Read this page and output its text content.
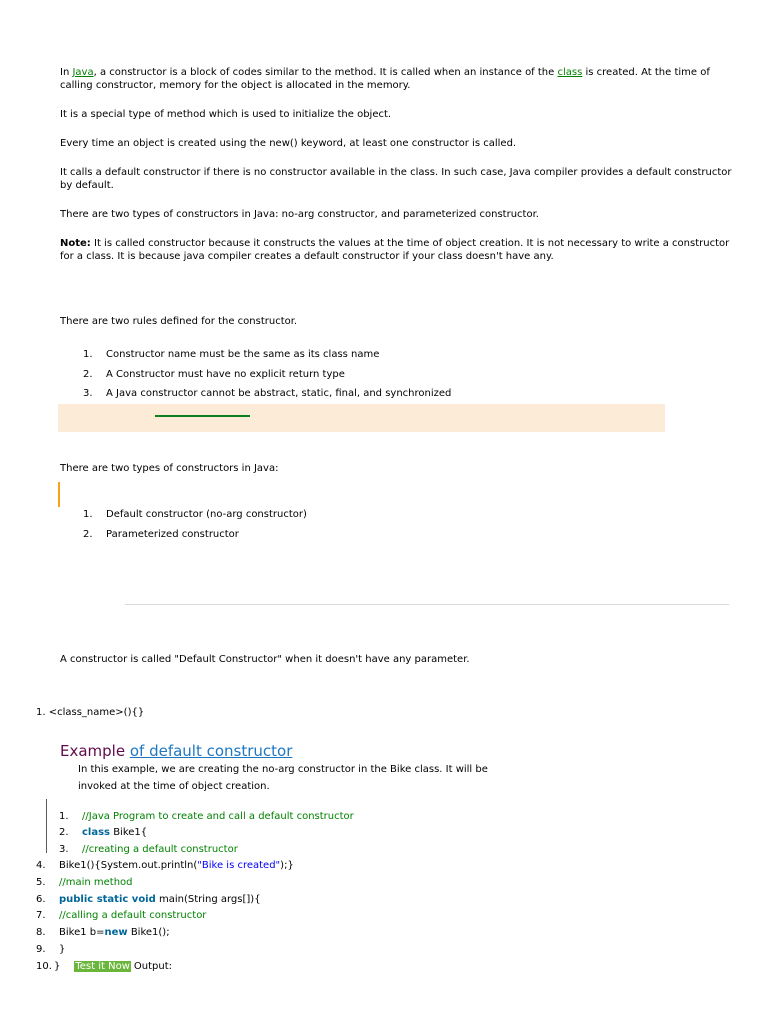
In Java, a constructor is a block of codes similar to the method. It is called when an instance of the class is created. At the time of calling constructor, memory for the object is allocated in the memory.

It is a special type of method which is used to initialize the object.

Every time an object is created using the new() keyword, at least one constructor is called.

It calls a default constructor if there is no constructor available in the class. In such case, Java compiler provides a default constructor by default.

There are two types of constructors in Java: no-arg constructor, and parameterized constructor.

Note: It is called constructor because it constructs the values at the time of object creation. It is not necessary to write a constructor for a class. It is because java compiler creates a default constructor if your class doesn't have any.

There are two rules defined for the constructor.

1.	Constructor name must be the same as its class name
2.	A Constructor must have no explicit return type
3.	A Java constructor cannot be abstract, static, final, and synchronized

There are two types of constructors in Java:

1.	Default constructor (no-arg constructor)
2.	Parameterized constructor

A constructor is called "Default Constructor" when it doesn't have any parameter.

1. <class_name>(){}

Example of default constructor

In this example, we are creating the no-arg constructor in the Bike class. It will be invoked at the time of object creation.

1. //Java Program to create and call a default constructor
2. class Bike1{
3. //creating a default constructor
4. Bike1(){System.out.println("Bike is created");}
5. //main method
6. public static void main(String args[]){
7. //calling a default constructor
8. Bike1 b=new Bike1();
9. }
10. } Test it Now Output:
